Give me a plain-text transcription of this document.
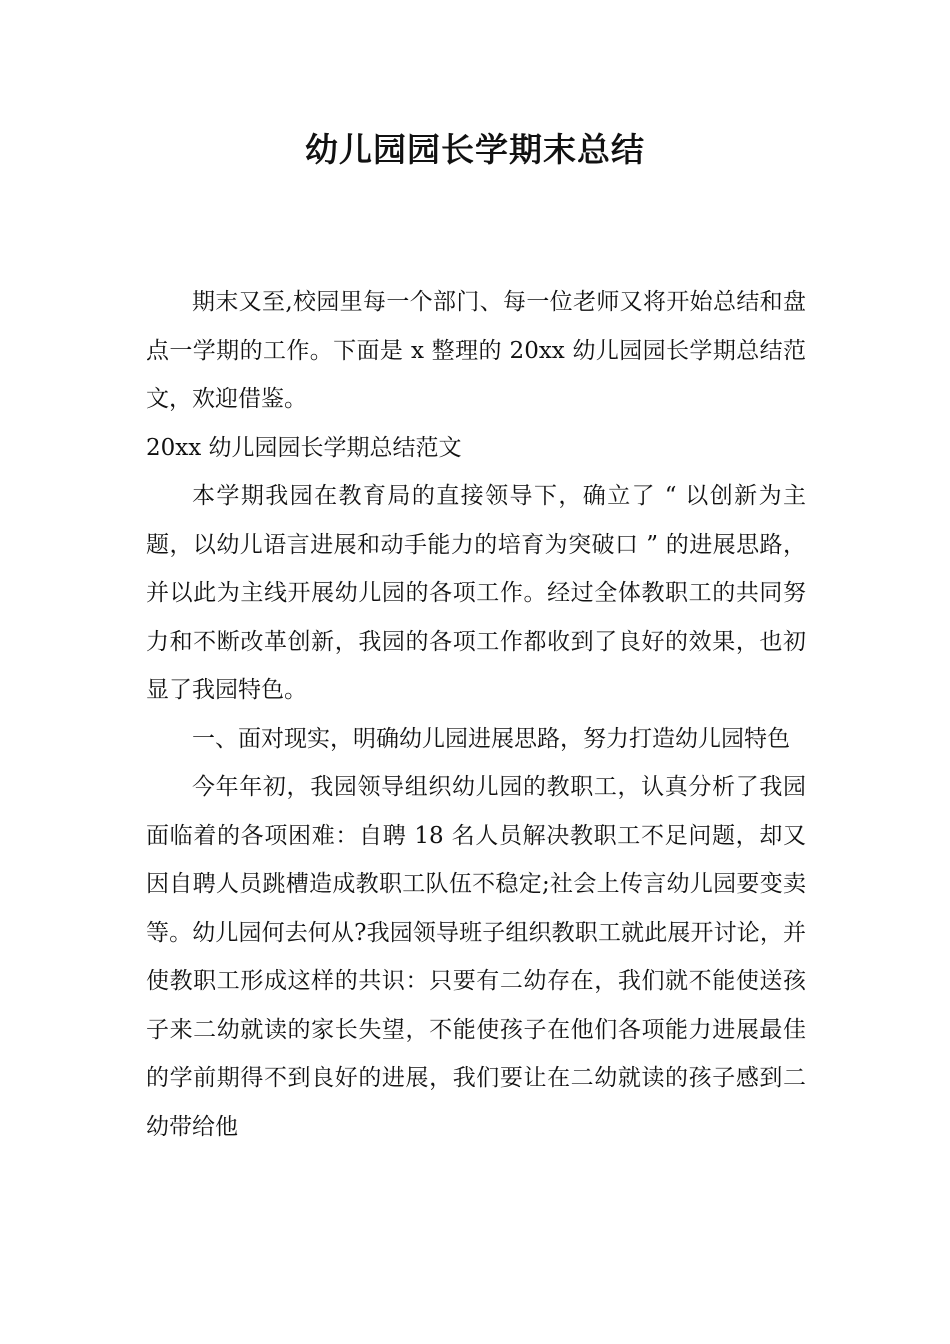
幼儿园园长学期末总结

期末又至,校园里每一个部门、每一位老师又将开始总结和盘点一学期的工作。下面是 x 整理的 20xx 幼儿园园长学期总结范文，欢迎借鉴。

20xx 幼儿园园长学期总结范文

本学期我园在教育局的直接领导下，确立了 “ 以创新为主题，以幼儿语言进展和动手能力的培育为突破口 ” 的进展思路，并以此为主线开展幼儿园的各项工作。经过全体教职工的共同努力和不断改革创新，我园的各项工作都收到了良好的效果，也初显了我园特色。

一、面对现实，明确幼儿园进展思路，努力打造幼儿园特色

今年年初，我园领导组织幼儿园的教职工，认真分析了我园面临着的各项困难：自聘 18 名人员解决教职工不足问题，却又因自聘人员跳槽造成教职工队伍不稳定;社会上传言幼儿园要变卖等。幼儿园何去何从?我园领导班子组织教职工就此展开讨论，并使教职工形成这样的共识：只要有二幼存在，我们就不能使送孩子来二幼就读的家长失望，不能使孩子在他们各项能力进展最佳的学前期得不到良好的进展，我们要让在二幼就读的孩子感到二幼带给他
